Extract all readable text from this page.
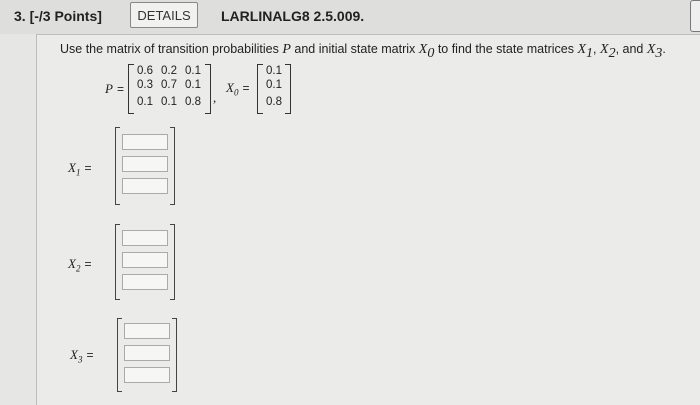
3. [-/3 Points]	DETAILS	LARLINALG8 2.5.009.
Use the matrix of transition probabilities P and initial state matrix $X_0$ to find the state matrices $X_1$, $X_2$, and $X_3$.
P =
0.6 0.2 0.1
0.3 0.7 0.1
0.1 0.1 0.8 ,
$X_0$ =
0.1
0.1
0.8
$X_1$ =
$X_2$ =
$X_3$ =
